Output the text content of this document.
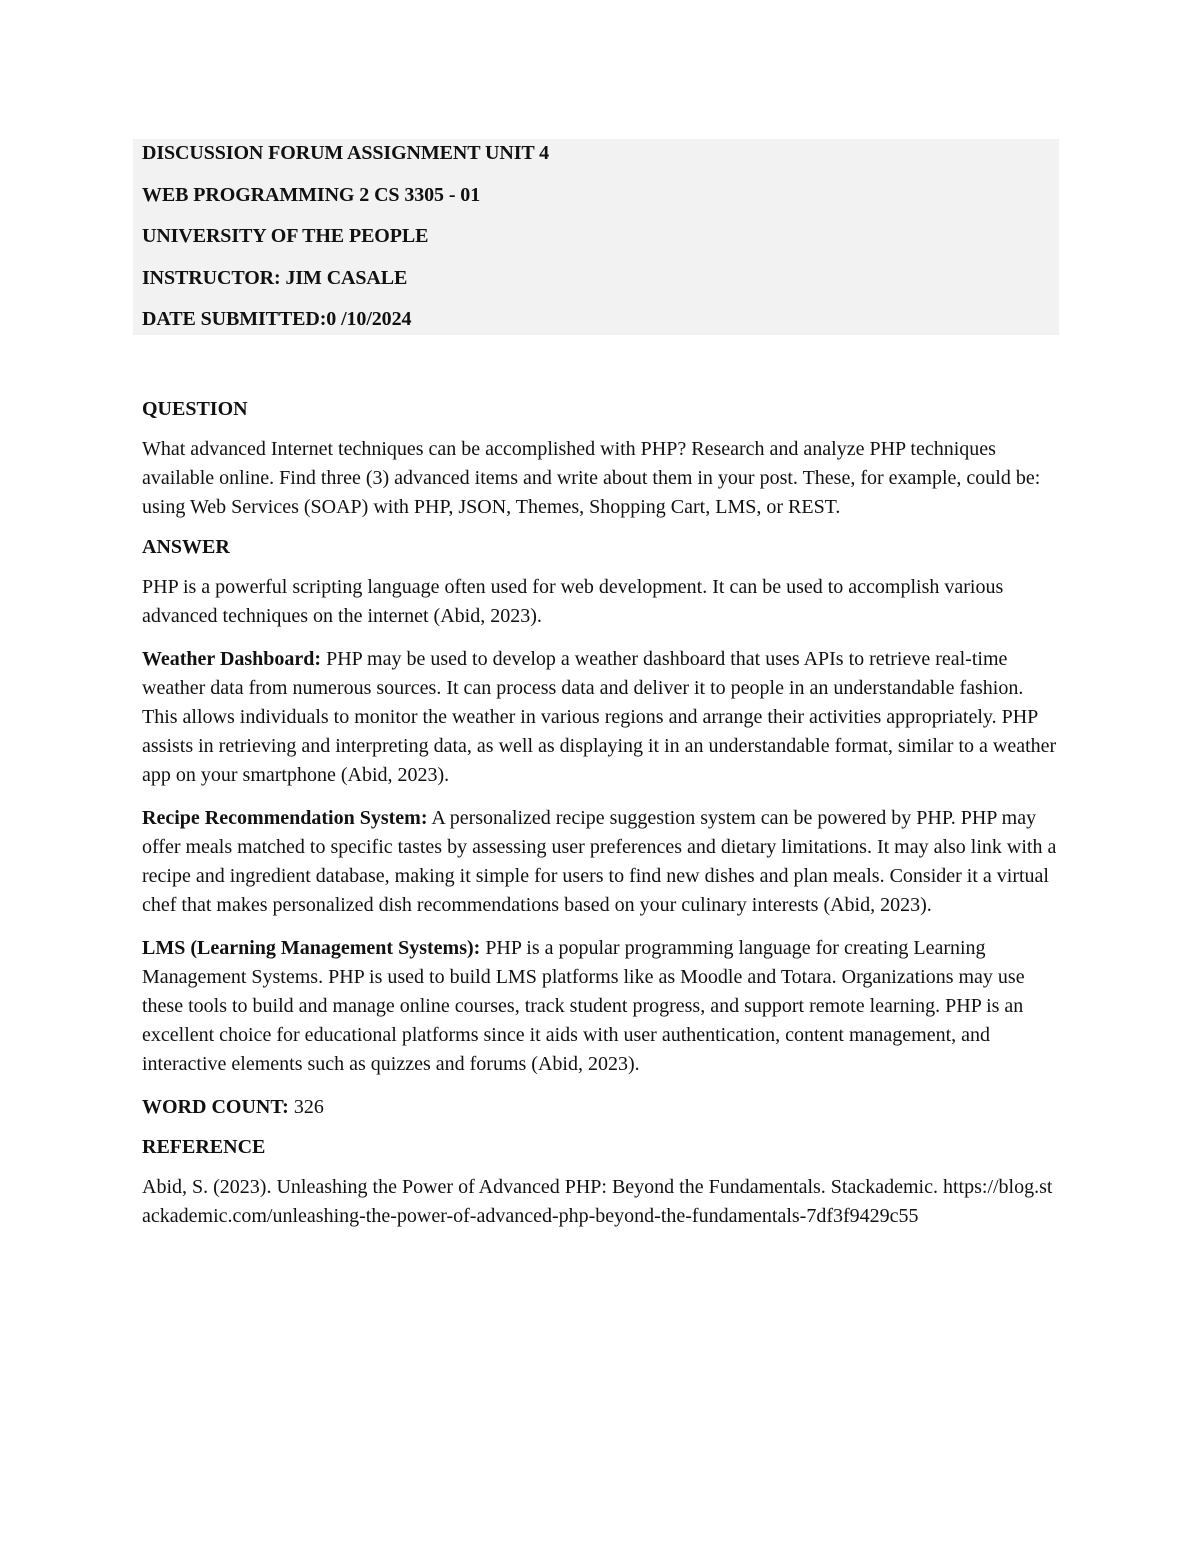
DISCUSSION FORUM ASSIGNMENT UNIT 4
WEB PROGRAMMING 2 CS 3305 - 01
UNIVERSITY OF THE PEOPLE
INSTRUCTOR: JIM CASALE
DATE SUBMITTED:0 /10/2024
QUESTION
What advanced Internet techniques can be accomplished with PHP? Research and analyze PHP techniques available online. Find three (3) advanced items and write about them in your post. These, for example, could be: using Web Services (SOAP) with PHP, JSON, Themes, Shopping Cart, LMS, or REST.
ANSWER
PHP is a powerful scripting language often used for web development. It can be used to accomplish various advanced techniques on the internet (Abid, 2023).
Weather Dashboard: PHP may be used to develop a weather dashboard that uses APIs to retrieve real-time weather data from numerous sources. It can process data and deliver it to people in an understandable fashion. This allows individuals to monitor the weather in various regions and arrange their activities appropriately. PHP assists in retrieving and interpreting data, as well as displaying it in an understandable format, similar to a weather app on your smartphone (Abid, 2023).
Recipe Recommendation System: A personalized recipe suggestion system can be powered by PHP. PHP may offer meals matched to specific tastes by assessing user preferences and dietary limitations. It may also link with a recipe and ingredient database, making it simple for users to find new dishes and plan meals. Consider it a virtual chef that makes personalized dish recommendations based on your culinary interests (Abid, 2023).
LMS (Learning Management Systems): PHP is a popular programming language for creating Learning Management Systems. PHP is used to build LMS platforms like as Moodle and Totara. Organizations may use these tools to build and manage online courses, track student progress, and support remote learning. PHP is an excellent choice for educational platforms since it aids with user authentication, content management, and interactive elements such as quizzes and forums (Abid, 2023).
WORD COUNT: 326
REFERENCE
Abid, S. (2023). Unleashing the Power of Advanced PHP: Beyond the Fundamentals. Stackademic. https://blog.stackademic.com/unleashing-the-power-of-advanced-php-beyond-the-fundamentals-7df3f9429c55
